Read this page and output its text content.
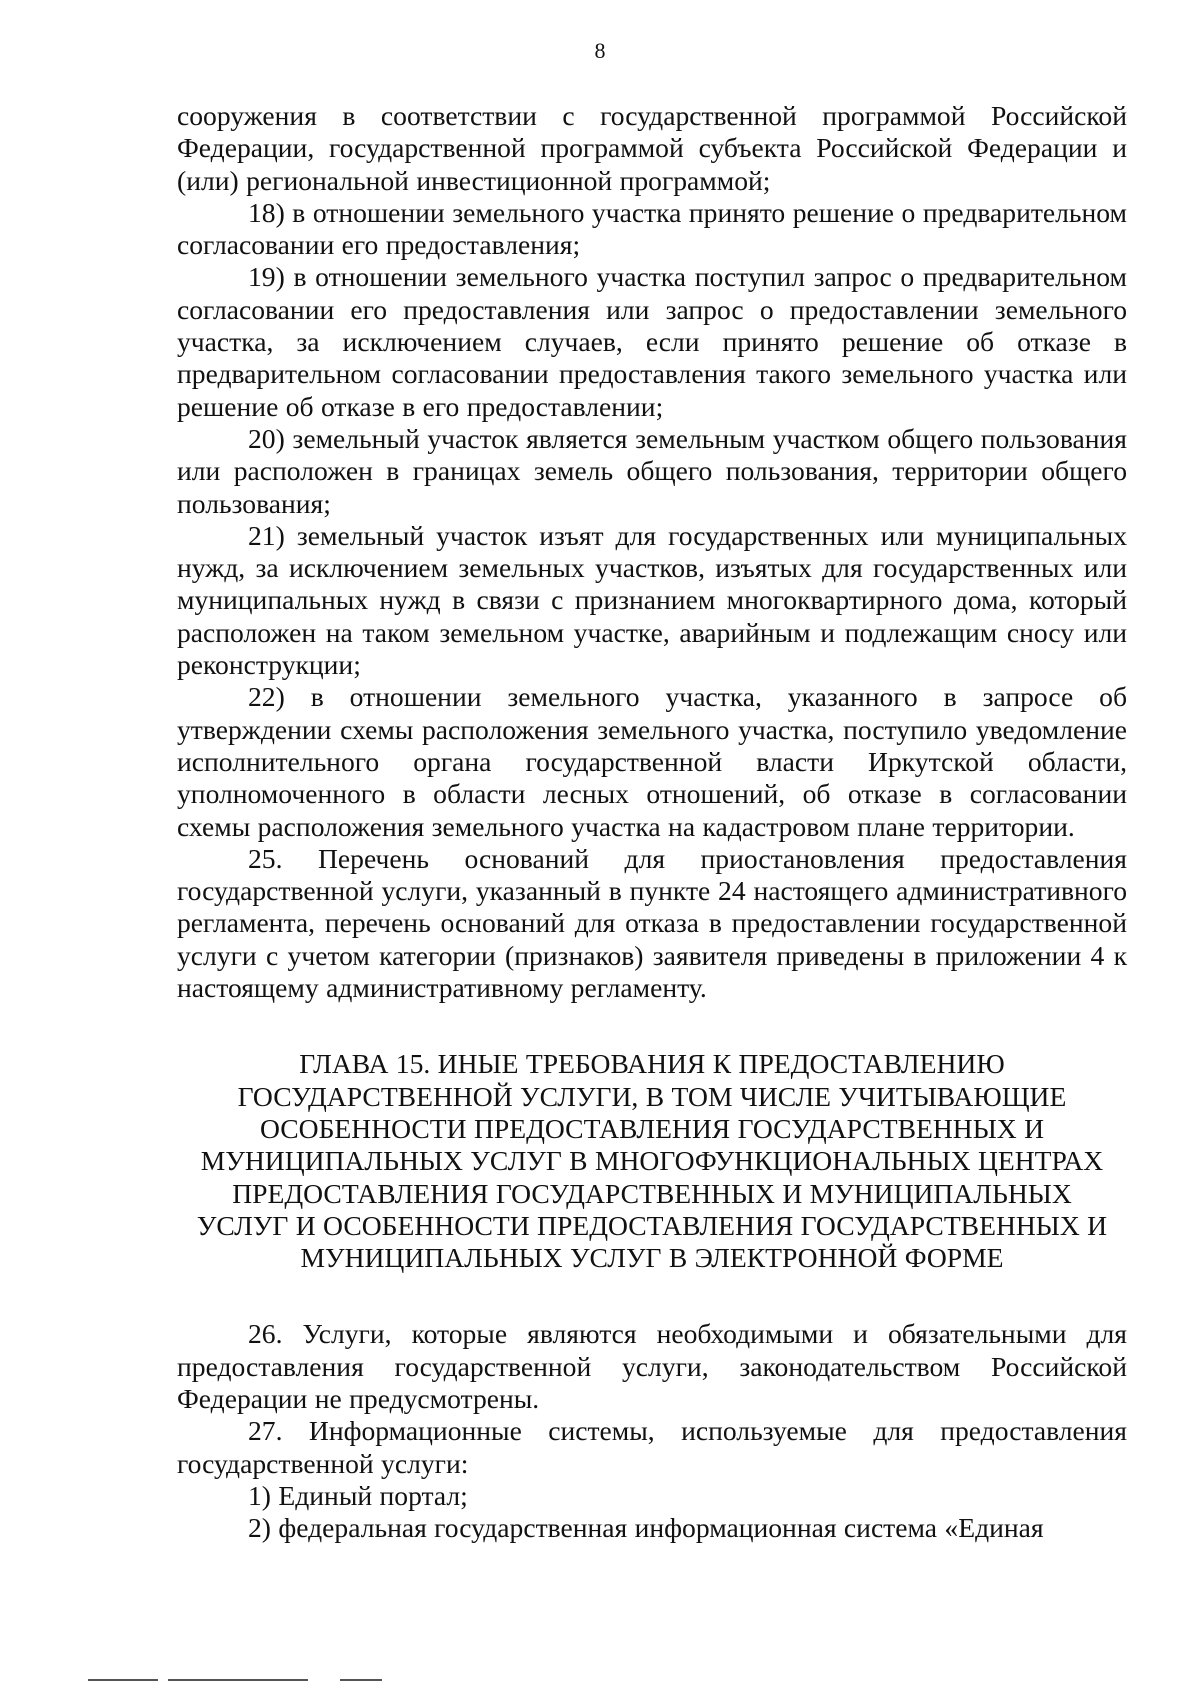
8

сооружения в соответствии с государственной программой Российской Федерации, государственной программой субъекта Российской Федерации и (или) региональной инвестиционной программой;

18) в отношении земельного участка принято решение о предварительном согласовании его предоставления;

19) в отношении земельного участка поступил запрос о предварительном согласовании его предоставления или запрос о предоставлении земельного участка, за исключением случаев, если принято решение об отказе в предварительном согласовании предоставления такого земельного участка или решение об отказе в его предоставлении;

20) земельный участок является земельным участком общего пользования или расположен в границах земель общего пользования, территории общего пользования;

21) земельный участок изъят для государственных или муниципальных нужд, за исключением земельных участков, изъятых для государственных или муниципальных нужд в связи с признанием многоквартирного дома, который расположен на таком земельном участке, аварийным и подлежащим сносу или реконструкции;

22) в отношении земельного участка, указанного в запросе об утверждении схемы расположения земельного участка, поступило уведомление исполнительного органа государственной власти Иркутской области, уполномоченного в области лесных отношений, об отказе в согласовании схемы расположения земельного участка на кадастровом плане территории.

25. Перечень оснований для приостановления предоставления государственной услуги, указанный в пункте 24 настоящего административного регламента, перечень оснований для отказа в предоставлении государственной услуги с учетом категории (признаков) заявителя приведены в приложении 4 к настоящему административному регламенту.

ГЛАВА 15. ИНЫЕ ТРЕБОВАНИЯ К ПРЕДОСТАВЛЕНИЮ ГОСУДАРСТВЕННОЙ УСЛУГИ, В ТОМ ЧИСЛЕ УЧИТЫВАЮЩИЕ ОСОБЕННОСТИ ПРЕДОСТАВЛЕНИЯ ГОСУДАРСТВЕННЫХ И МУНИЦИПАЛЬНЫХ УСЛУГ В МНОГОФУНКЦИОНАЛЬНЫХ ЦЕНТРАХ ПРЕДОСТАВЛЕНИЯ ГОСУДАРСТВЕННЫХ И МУНИЦИПАЛЬНЫХ УСЛУГ И ОСОБЕННОСТИ ПРЕДОСТАВЛЕНИЯ ГОСУДАРСТВЕННЫХ И МУНИЦИПАЛЬНЫХ УСЛУГ В ЭЛЕКТРОННОЙ ФОРМЕ

26. Услуги, которые являются необходимыми и обязательными для предоставления государственной услуги, законодательством Российской Федерации не предусмотрены.

27. Информационные системы, используемые для предоставления государственной услуги:

1) Единый портал;

2) федеральная государственная информационная система «Единая
